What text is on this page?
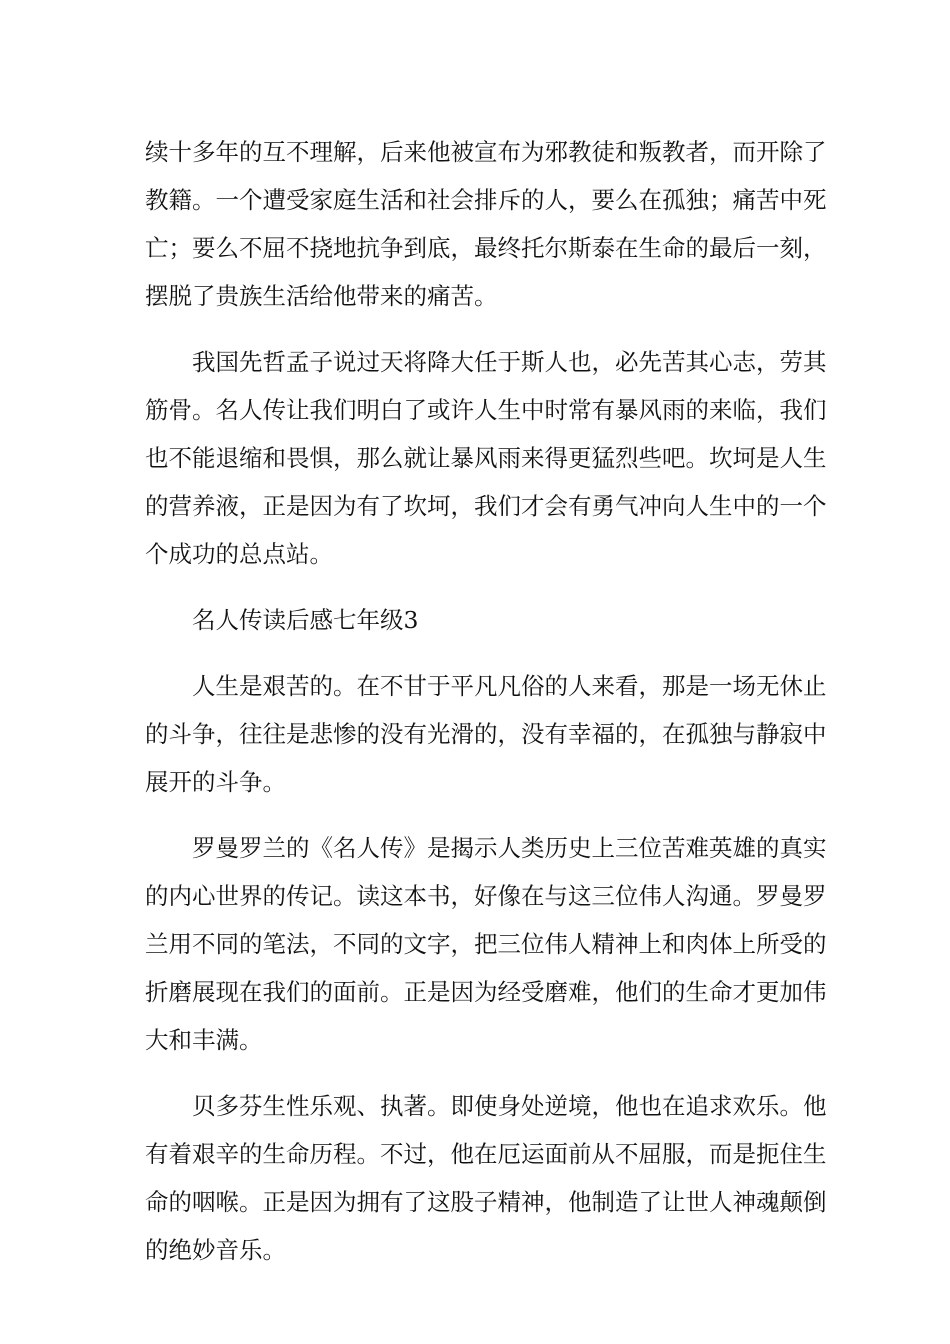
续十多年的互不理解，后来他被宣布为邪教徒和叛教者，而开除了
教籍。一个遭受家庭生活和社会排斥的人，要么在孤独；痛苦中死
亡；要么不屈不挠地抗争到底，最终托尔斯泰在生命的最后一刻，
摆脱了贵族生活给他带来的痛苦。
我国先哲孟子说过天将降大任于斯人也，必先苦其心志，劳其
筋骨。名人传让我们明白了或许人生中时常有暴风雨的来临，我们
也不能退缩和畏惧，那么就让暴风雨来得更猛烈些吧。坎坷是人生
的营养液，正是因为有了坎坷，我们才会有勇气冲向人生中的一个
个成功的总点站。
名人传读后感七年级3
人生是艰苦的。在不甘于平凡凡俗的人来看，那是一场无休止
的斗争，往往是悲惨的没有光滑的，没有幸福的，在孤独与静寂中
展开的斗争。
罗曼罗兰的《名人传》是揭示人类历史上三位苦难英雄的真实
的内心世界的传记。读这本书，好像在与这三位伟人沟通。罗曼罗
兰用不同的笔法，不同的文字，把三位伟人精神上和肉体上所受的
折磨展现在我们的面前。正是因为经受磨难，他们的生命才更加伟
大和丰满。
贝多芬生性乐观、执著。即使身处逆境，他也在追求欢乐。他
有着艰辛的生命历程。不过，他在厄运面前从不屈服，而是扼住生
命的咽喉。正是因为拥有了这股子精神，他制造了让世人神魂颠倒
的绝妙音乐。
